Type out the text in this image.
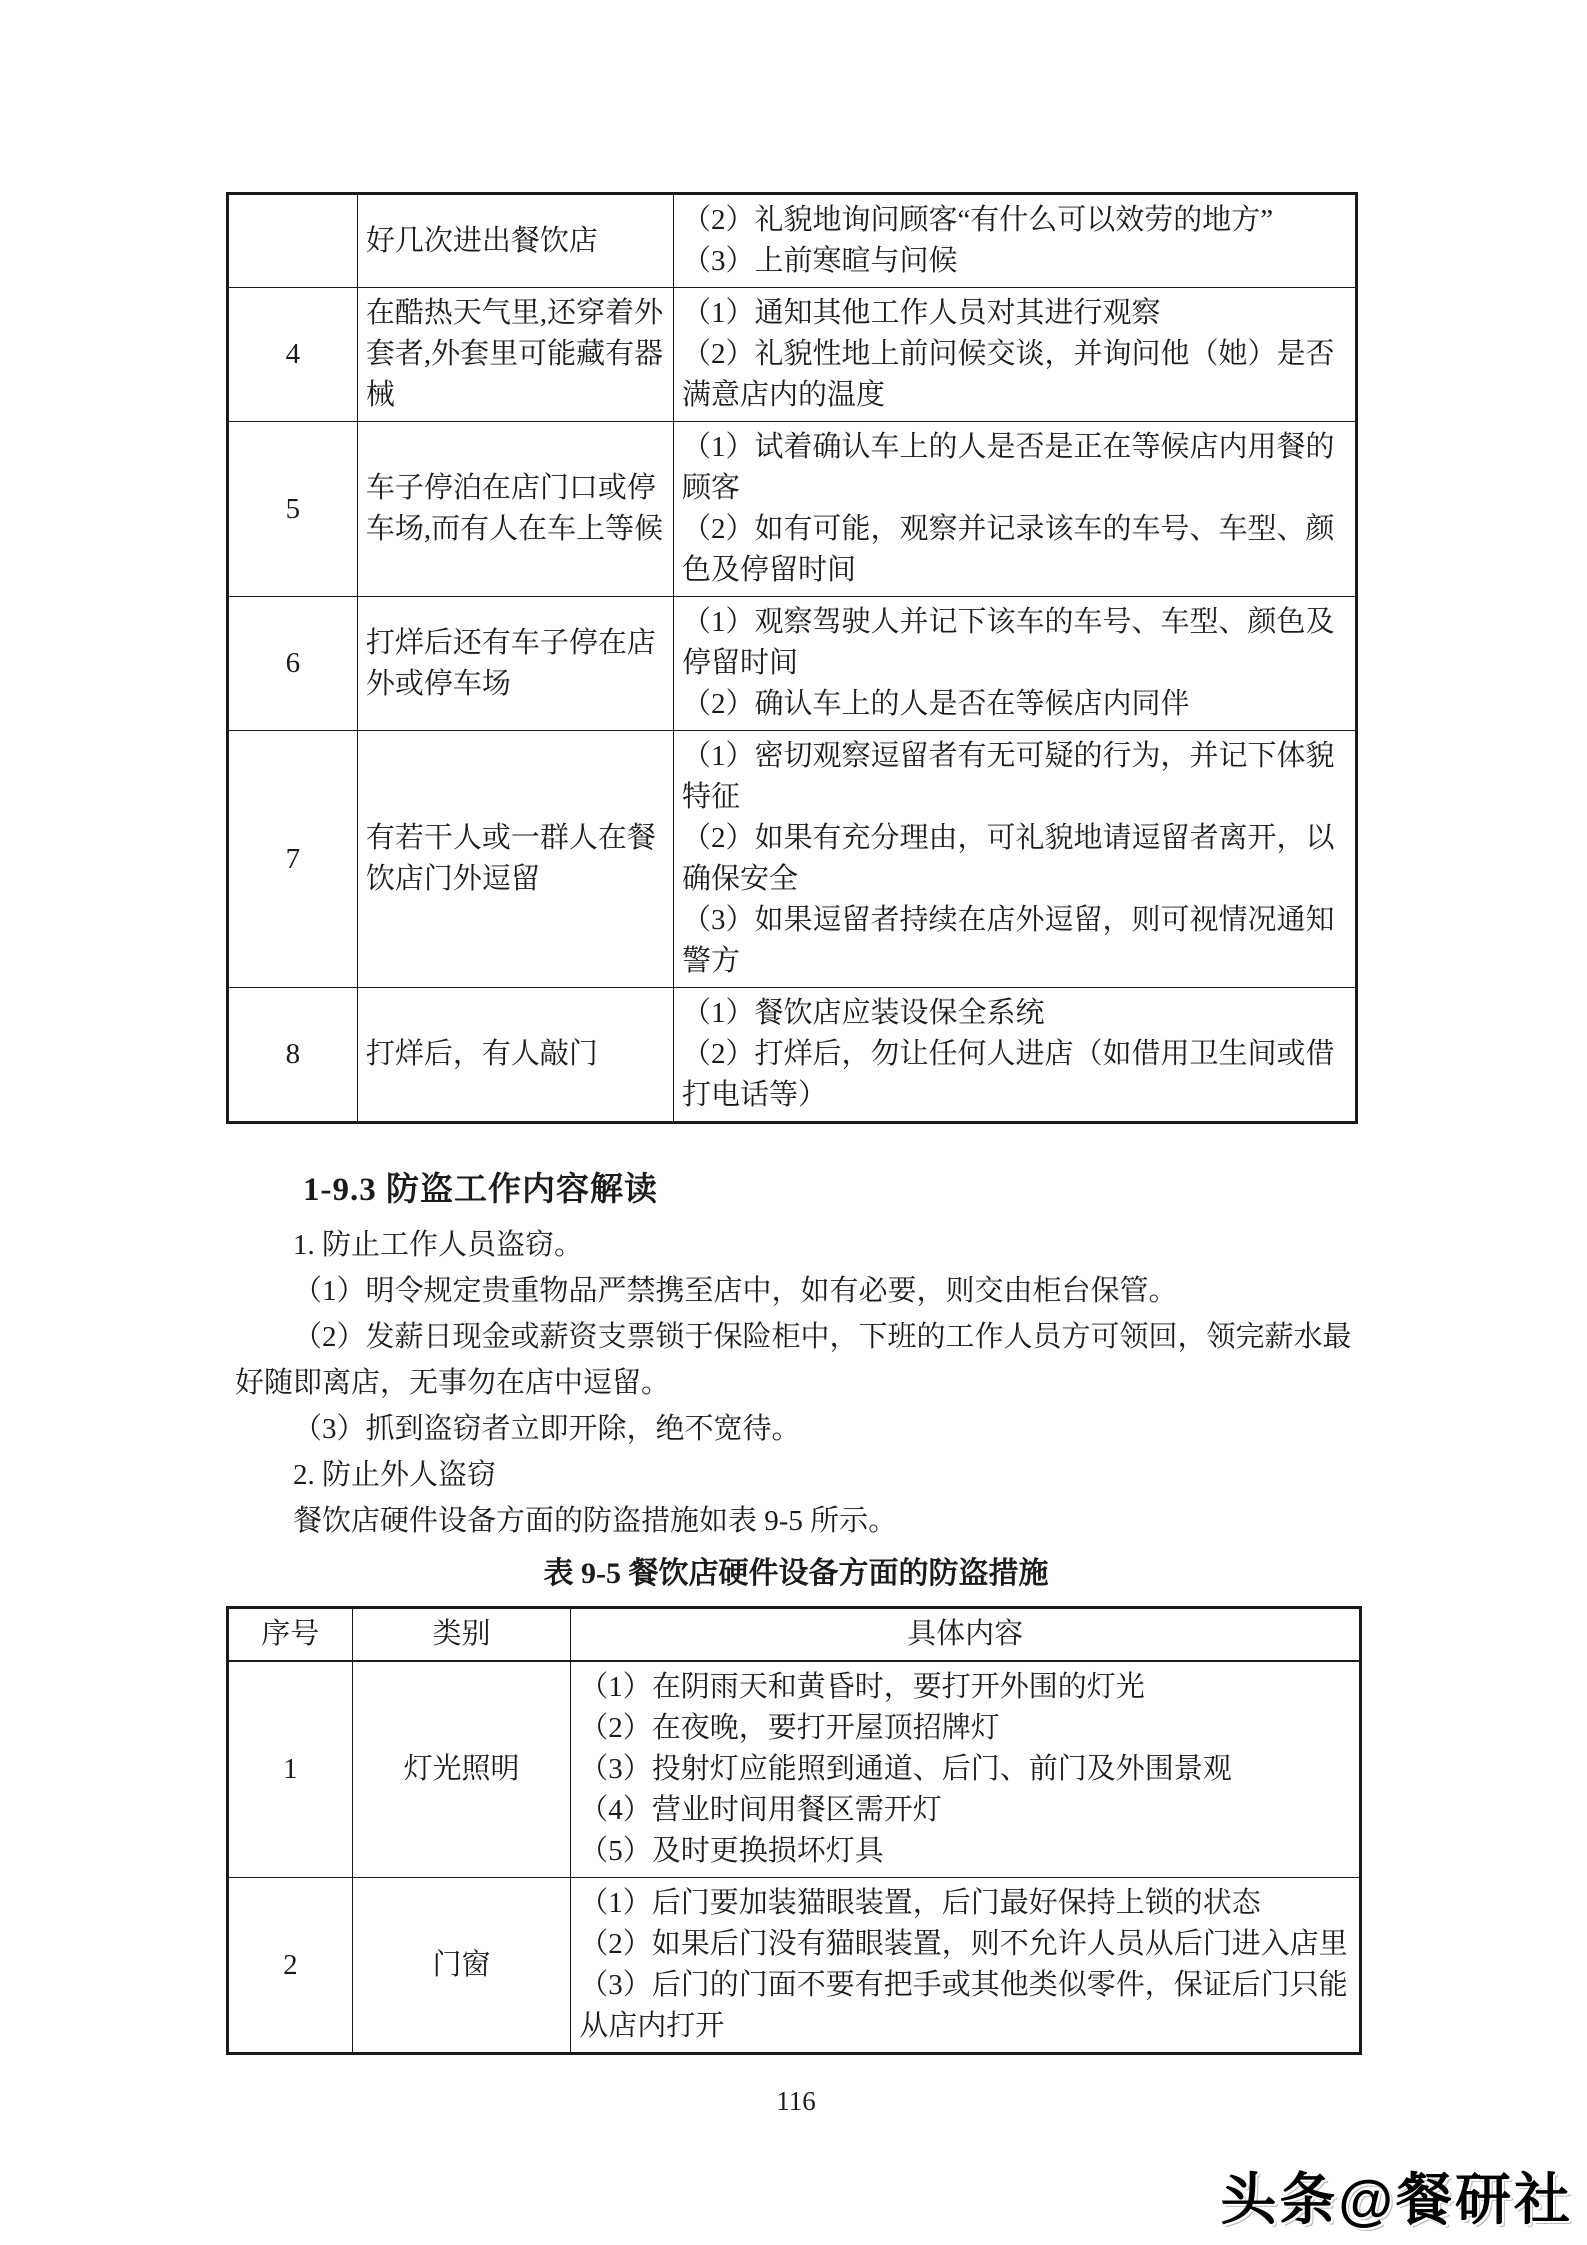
	好几次进出餐饮店	（2）礼貌地询问顾客“有什么可以效劳的地方”
（3）上前寒暄与问候

4	在酷热天气里,还穿着外套者,外套里可能藏有器械	（1）通知其他工作人员对其进行观察
（2）礼貌性地上前问候交谈，并询问他（她）是否满意店内的温度

5	车子停泊在店门口或停车场,而有人在车上等候	（1）试着确认车上的人是否是正在等候店内用餐的顾客
（2）如有可能，观察并记录该车的车号、车型、颜色及停留时间

6	打烊后还有车子停在店外或停车场	（1）观察驾驶人并记下该车的车号、车型、颜色及停留时间
（2）确认车上的人是否在等候店内同伴

7	有若干人或一群人在餐饮店门外逗留	（1）密切观察逗留者有无可疑的行为，并记下体貌特征
（2）如果有充分理由，可礼貌地请逗留者离开，以确保安全
（3）如果逗留者持续在店外逗留，则可视情况通知警方

8	打烊后，有人敲门	（1）餐饮店应装设保全系统
（2）打烊后，勿让任何人进店（如借用卫生间或借打电话等）
1-9.3 防盗工作内容解读

1. 防止工作人员盗窃。

（1）明令规定贵重物品严禁携至店中，如有必要，则交由柜台保管。

（2）发薪日现金或薪资支票锁于保险柜中，下班的工作人员方可领回，领完薪水最好随即离店，无事勿在店中逗留。

（3）抓到盗窃者立即开除，绝不宽待。

2. 防止外人盗窃

餐饮店硬件设备方面的防盗措施如表 9-5 所示。

表 9-5 餐饮店硬件设备方面的防盗措施
序号	类别	具体内容
1	灯光照明	（1）在阴雨天和黄昏时，要打开外围的灯光
（2）在夜晚，要打开屋顶招牌灯
（3）投射灯应能照到通道、后门、前门及外围景观
（4）营业时间用餐区需开灯
（5）及时更换损坏灯具

2	门窗	（1）后门要加装猫眼装置，后门最好保持上锁的状态
（2）如果后门没有猫眼装置，则不允许人员从后门进入店里
（3）后门的门面不要有把手或其他类似零件，保证后门只能从店内打开
116
头条@餐研社
